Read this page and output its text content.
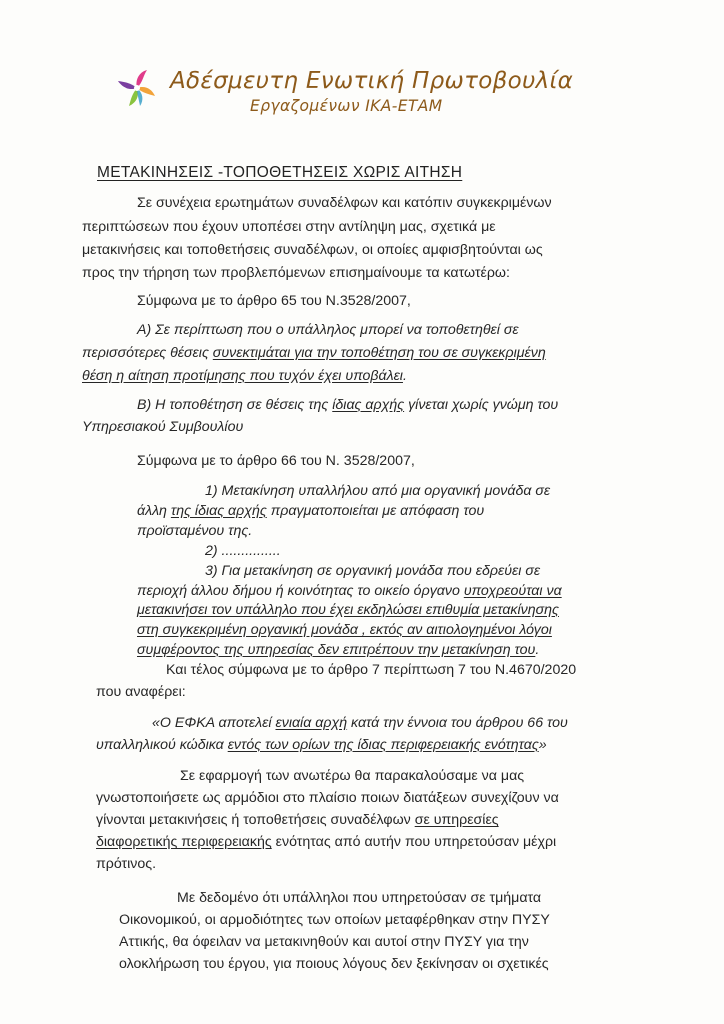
Αδέσμευτη Ενωτική Πρωτοβουλία
Εργαζομένων ΙΚΑ-ΕΤΑΜ
ΜΕΤΑΚΙΝΗΣΕΙΣ -ΤΟΠΟΘΕΤΗΣΕΙΣ ΧΩΡΙΣ ΑΙΤΗΣΗ
Σε συνέχεια ερωτημάτων συναδέλφων και κατόπιν συγκεκριμένων
περιπτώσεων που έχουν υποπέσει στην αντίληψη μας, σχετικά με
μετακινήσεις και τοποθετήσεις συναδέλφων, οι οποίες αμφισβητούνται ως
προς την τήρηση των προβλεπόμενων επισημαίνουμε τα κατωτέρω:
Σύμφωνα με το άρθρο 65 του Ν.3528/2007,
Α) Σε περίπτωση που ο υπάλληλος μπορεί να τοποθετηθεί σε
περισσότερες θέσεις συνεκτιμάται για την τοποθέτηση του σε συγκεκριμένη
θέση η αίτηση προτίμησης που τυχόν έχει υποβάλει.
Β) Η τοποθέτηση σε θέσεις της ίδιας αρχής γίνεται χωρίς γνώμη του
Υπηρεσιακού Συμβουλίου
Σύμφωνα με το άρθρο 66 του Ν. 3528/2007,
1) Μετακίνηση υπαλλήλου από μια οργανική μονάδα σε
άλλη της ίδιας αρχής πραγματοποιείται με απόφαση του
προϊσταμένου της.
2) ...............
3) Για μετακίνηση σε οργανική μονάδα που εδρεύει σε
περιοχή άλλου δήμου ή κοινότητας το οικείο όργανο υποχρεούται να
μετακινήσει τον υπάλληλο που έχει εκδηλώσει επιθυμία μετακίνησης
στη συγκεκριμένη οργανική μονάδα , εκτός αν αιτιολογημένοι λόγοι
συμφέροντος της υπηρεσίας δεν επιτρέπουν την μετακίνηση του.
Και τέλος σύμφωνα με το άρθρο 7 περίπτωση 7 του Ν.4670/2020
που αναφέρει:
«Ο ΕΦΚΑ αποτελεί ενιαία αρχή κατά την έννοια του άρθρου 66 του
υπαλληλικού κώδικα εντός των ορίων της ίδιας περιφερειακής ενότητας»
Σε εφαρμογή των ανωτέρω θα παρακαλούσαμε να μας
γνωστοποιήσετε ως αρμόδιοι στο πλαίσιο ποιων διατάξεων συνεχίζουν να
γίνονται μετακινήσεις ή τοποθετήσεις συναδέλφων σε υπηρεσίες
διαφορετικής περιφερειακής ενότητας από αυτήν που υπηρετούσαν μέχρι
πρότινος.
Με δεδομένο ότι υπάλληλοι που υπηρετούσαν σε τμήματα
Οικονομικού, οι αρμοδιότητες των οποίων μεταφέρθηκαν στην ΠΥΣΥ
Αττικής, θα όφειλαν να μετακινηθούν και αυτοί στην ΠΥΣΥ για την
ολοκλήρωση του έργου, για ποιους λόγους δεν ξεκίνησαν οι σχετικές
